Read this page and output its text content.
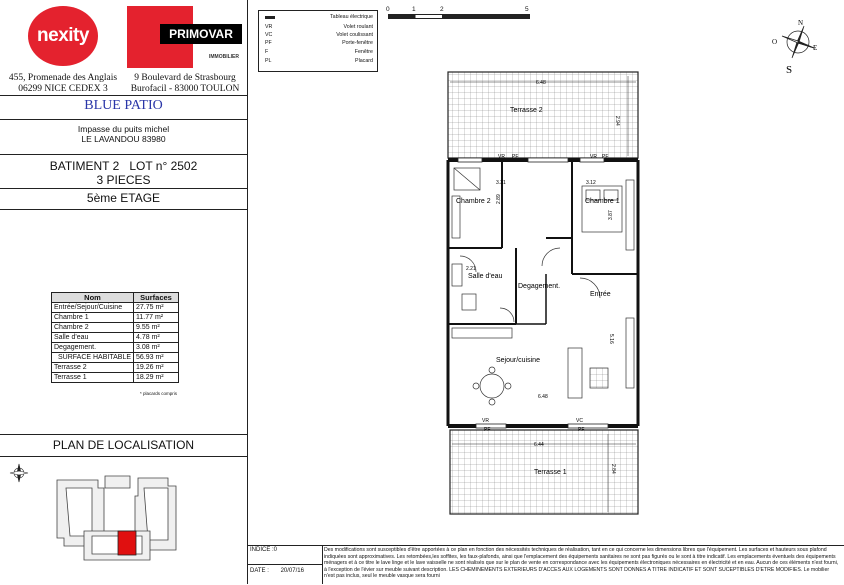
nexity	PRIMOVAR
IMMOBILIER
455, Promenade des Anglais
06299 NICE CEDEX 3
9 Boulevard de Strasbourg
Burofacil - 83000 TOULON
BLUE PATIO
Impasse du puits michel
LE LAVANDOU 83980
BATIMENT 2 LOT n° 2502
3 PIECES
5ème ETAGE
Nom	Surfaces
Entrée/Sejour/Cuisine	27.75 m²
Chambre 1	11.77 m²
Chambre 2	9.55 m²
Salle d'eau	4.78 m²
Degagement.	3.08 m²
SURFACE HABITABLE	56.93 m²
Terrasse 2	19.26 m²
Terrasse 1	18.29 m²
* placards compris
PLAN DE LOCALISATION
Tableau électrique
VR	Volet roulant
VC	Volet coulissant
PF	Porte-fenêtre
F	Fenêtre
PL	Placard
0	1	2	5
N
E
O
S
Terrasse 2
6.48
2.94
VR PF	VR PF
VR	VC
Chambre 2	Chambre 1
Salle d'eau
Degagement.
Entrée
Sejour/cuisine
3.31
2.89
3.12
3.87
2.21
6.48
5.16
6.44
2.84
Terrasse 1
INDICE :0
DATE : 20/07/16
Des modifications sont susceptibles d'être apportées à ce plan en fonction des nécessités techniques de réalisation, tant en ce qui concerne les dimensions libres que l'équipement. Les surfaces et hauteurs sous plafond indiquées sont approximatives. Les retombées,les soffites, les faux-plafonds, ainsi que l'emplacement des équipements sanitaires ne sont pas figurés ou le sont à titre indicatif. Les emplacements éventuels des équipements ménagers et à ce titre le lave linge et le lave vaisselle ne sont réalisés que sur le plan de vente en correspondance avec les équipements électroniques nécessaires en électricité et en eau. Aucun de ces éléments n'est fourni, à l'exception de l'évier sur meuble suivant description. LES CHEMINEMENTS EXTERIEURS D'ACCES AUX LOGEMENTS SONT DONNES A TITRE INDICATIF ET SONT SUCEPTIBLES D'ETRE MODIFIES. Le mobilier n'est pas inclus, seul le meuble vasque sera fourni
